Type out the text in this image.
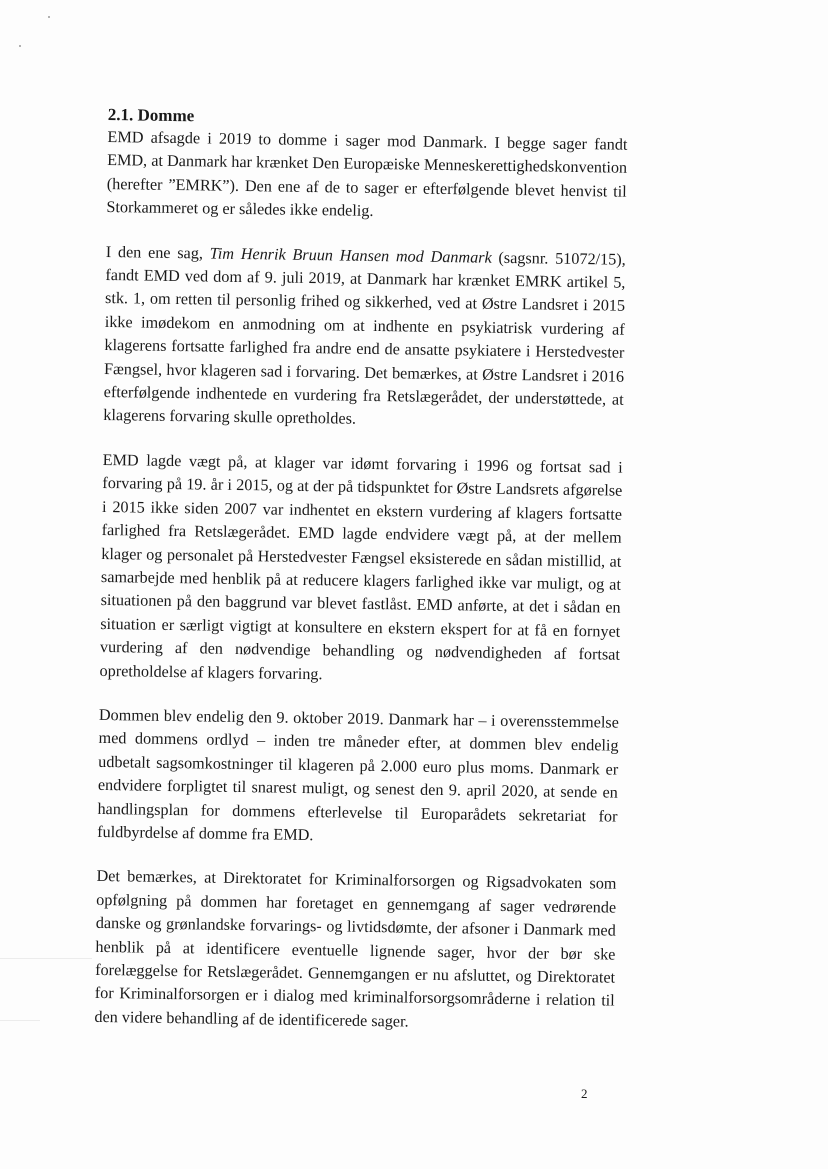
2.1. Domme

EMD afsagde i 2019 to domme i sager mod Danmark. I begge sager fandt EMD, at Danmark har krænket Den Europæiske Menneskerettighedskonvention (herefter ”EMRK”). Den ene af de to sager er efterfølgende blevet henvist til Storkammeret og er således ikke endelig.

I den ene sag, Tim Henrik Bruun Hansen mod Danmark (sagsnr. 51072/15), fandt EMD ved dom af 9. juli 2019, at Danmark har krænket EMRK artikel 5, stk. 1, om retten til personlig frihed og sikkerhed, ved at Østre Landsret i 2015 ikke imødekom en anmodning om at indhente en psykiatrisk vurdering af klagerens fortsatte farlighed fra andre end de ansatte psykiatere i Herstedvester Fængsel, hvor klageren sad i forvaring. Det bemærkes, at Østre Landsret i 2016 efterfølgende indhentede en vurdering fra Retslægerådet, der understøttede, at klagerens forvaring skulle opretholdes.

EMD lagde vægt på, at klager var idømt forvaring i 1996 og fortsat sad i forvaring på 19. år i 2015, og at der på tidspunktet for Østre Landsrets afgørelse i 2015 ikke siden 2007 var indhentet en ekstern vurdering af klagers fortsatte farlighed fra Retslægerådet. EMD lagde endvidere vægt på, at der mellem klager og personalet på Herstedvester Fængsel eksisterede en sådan mistillid, at samarbejde med henblik på at reducere klagers farlighed ikke var muligt, og at situationen på den baggrund var blevet fastlåst. EMD anførte, at det i sådan en situation er særligt vigtigt at konsultere en ekstern ekspert for at få en fornyet vurdering af den nødvendige behandling og nødvendigheden af fortsat opretholdelse af klagers forvaring.

Dommen blev endelig den 9. oktober 2019. Danmark har – i overensstemmelse med dommens ordlyd – inden tre måneder efter, at dommen blev endelig udbetalt sagsomkostninger til klageren på 2.000 euro plus moms. Danmark er endvidere forpligtet til snarest muligt, og senest den 9. april 2020, at sende en handlingsplan for dommens efterlevelse til Europarådets sekretariat for fuldbyrdelse af domme fra EMD.

Det bemærkes, at Direktoratet for Kriminalforsorgen og Rigsadvokaten som opfølgning på dommen har foretaget en gennemgang af sager vedrørende danske og grønlandske forvarings- og livtidsdømte, der afsoner i Danmark med henblik på at identificere eventuelle lignende sager, hvor der bør ske forelæggelse for Retslægerådet. Gennemgangen er nu afsluttet, og Direktoratet for Kriminalforsorgen er i dialog med kriminalforsorgsområderne i relation til den videre behandling af de identificerede sager.

2
